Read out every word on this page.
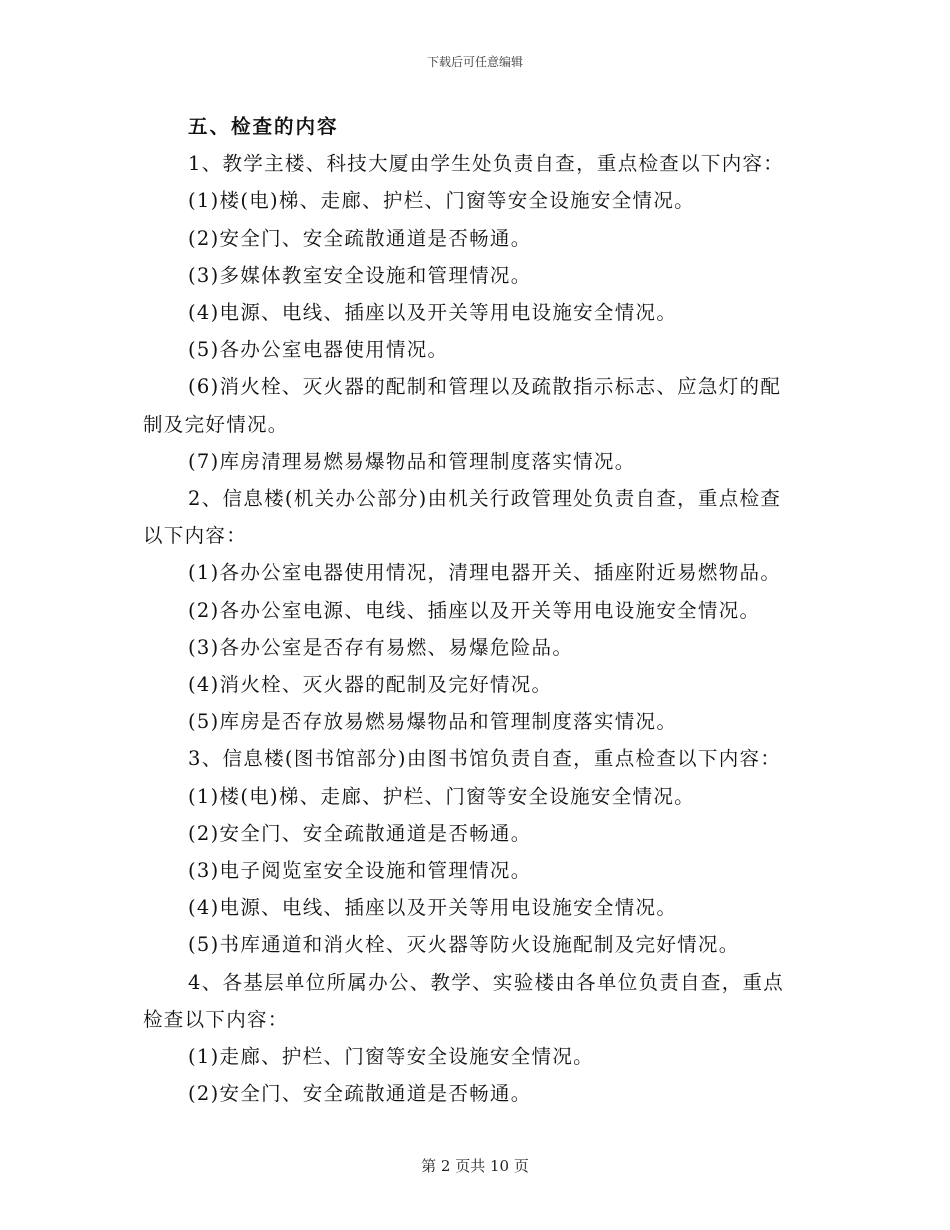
下载后可任意编辑

五、检查的内容

1、教学主楼、科技大厦由学生处负责自查，重点检查以下内容：

(1)楼(电)梯、走廊、护栏、门窗等安全设施安全情况。

(2)安全门、安全疏散通道是否畅通。

(3)多媒体教室安全设施和管理情况。

(4)电源、电线、插座以及开关等用电设施安全情况。

(5)各办公室电器使用情况。

(6)消火栓、灭火器的配制和管理以及疏散指示标志、应急灯的配

制及完好情况。

(7)库房清理易燃易爆物品和管理制度落实情况。

2、信息楼(机关办公部分)由机关行政管理处负责自查，重点检查

以下内容：

(1)各办公室电器使用情况，清理电器开关、插座附近易燃物品。

(2)各办公室电源、电线、插座以及开关等用电设施安全情况。

(3)各办公室是否存有易燃、易爆危险品。

(4)消火栓、灭火器的配制及完好情况。

(5)库房是否存放易燃易爆物品和管理制度落实情况。

3、信息楼(图书馆部分)由图书馆负责自查，重点检查以下内容：

(1)楼(电)梯、走廊、护栏、门窗等安全设施安全情况。

(2)安全门、安全疏散通道是否畅通。

(3)电子阅览室安全设施和管理情况。

(4)电源、电线、插座以及开关等用电设施安全情况。

(5)书库通道和消火栓、灭火器等防火设施配制及完好情况。

4、各基层单位所属办公、教学、实验楼由各单位负责自查，重点

检查以下内容：

(1)走廊、护栏、门窗等安全设施安全情况。

(2)安全门、安全疏散通道是否畅通。

第 2 页共 10 页
